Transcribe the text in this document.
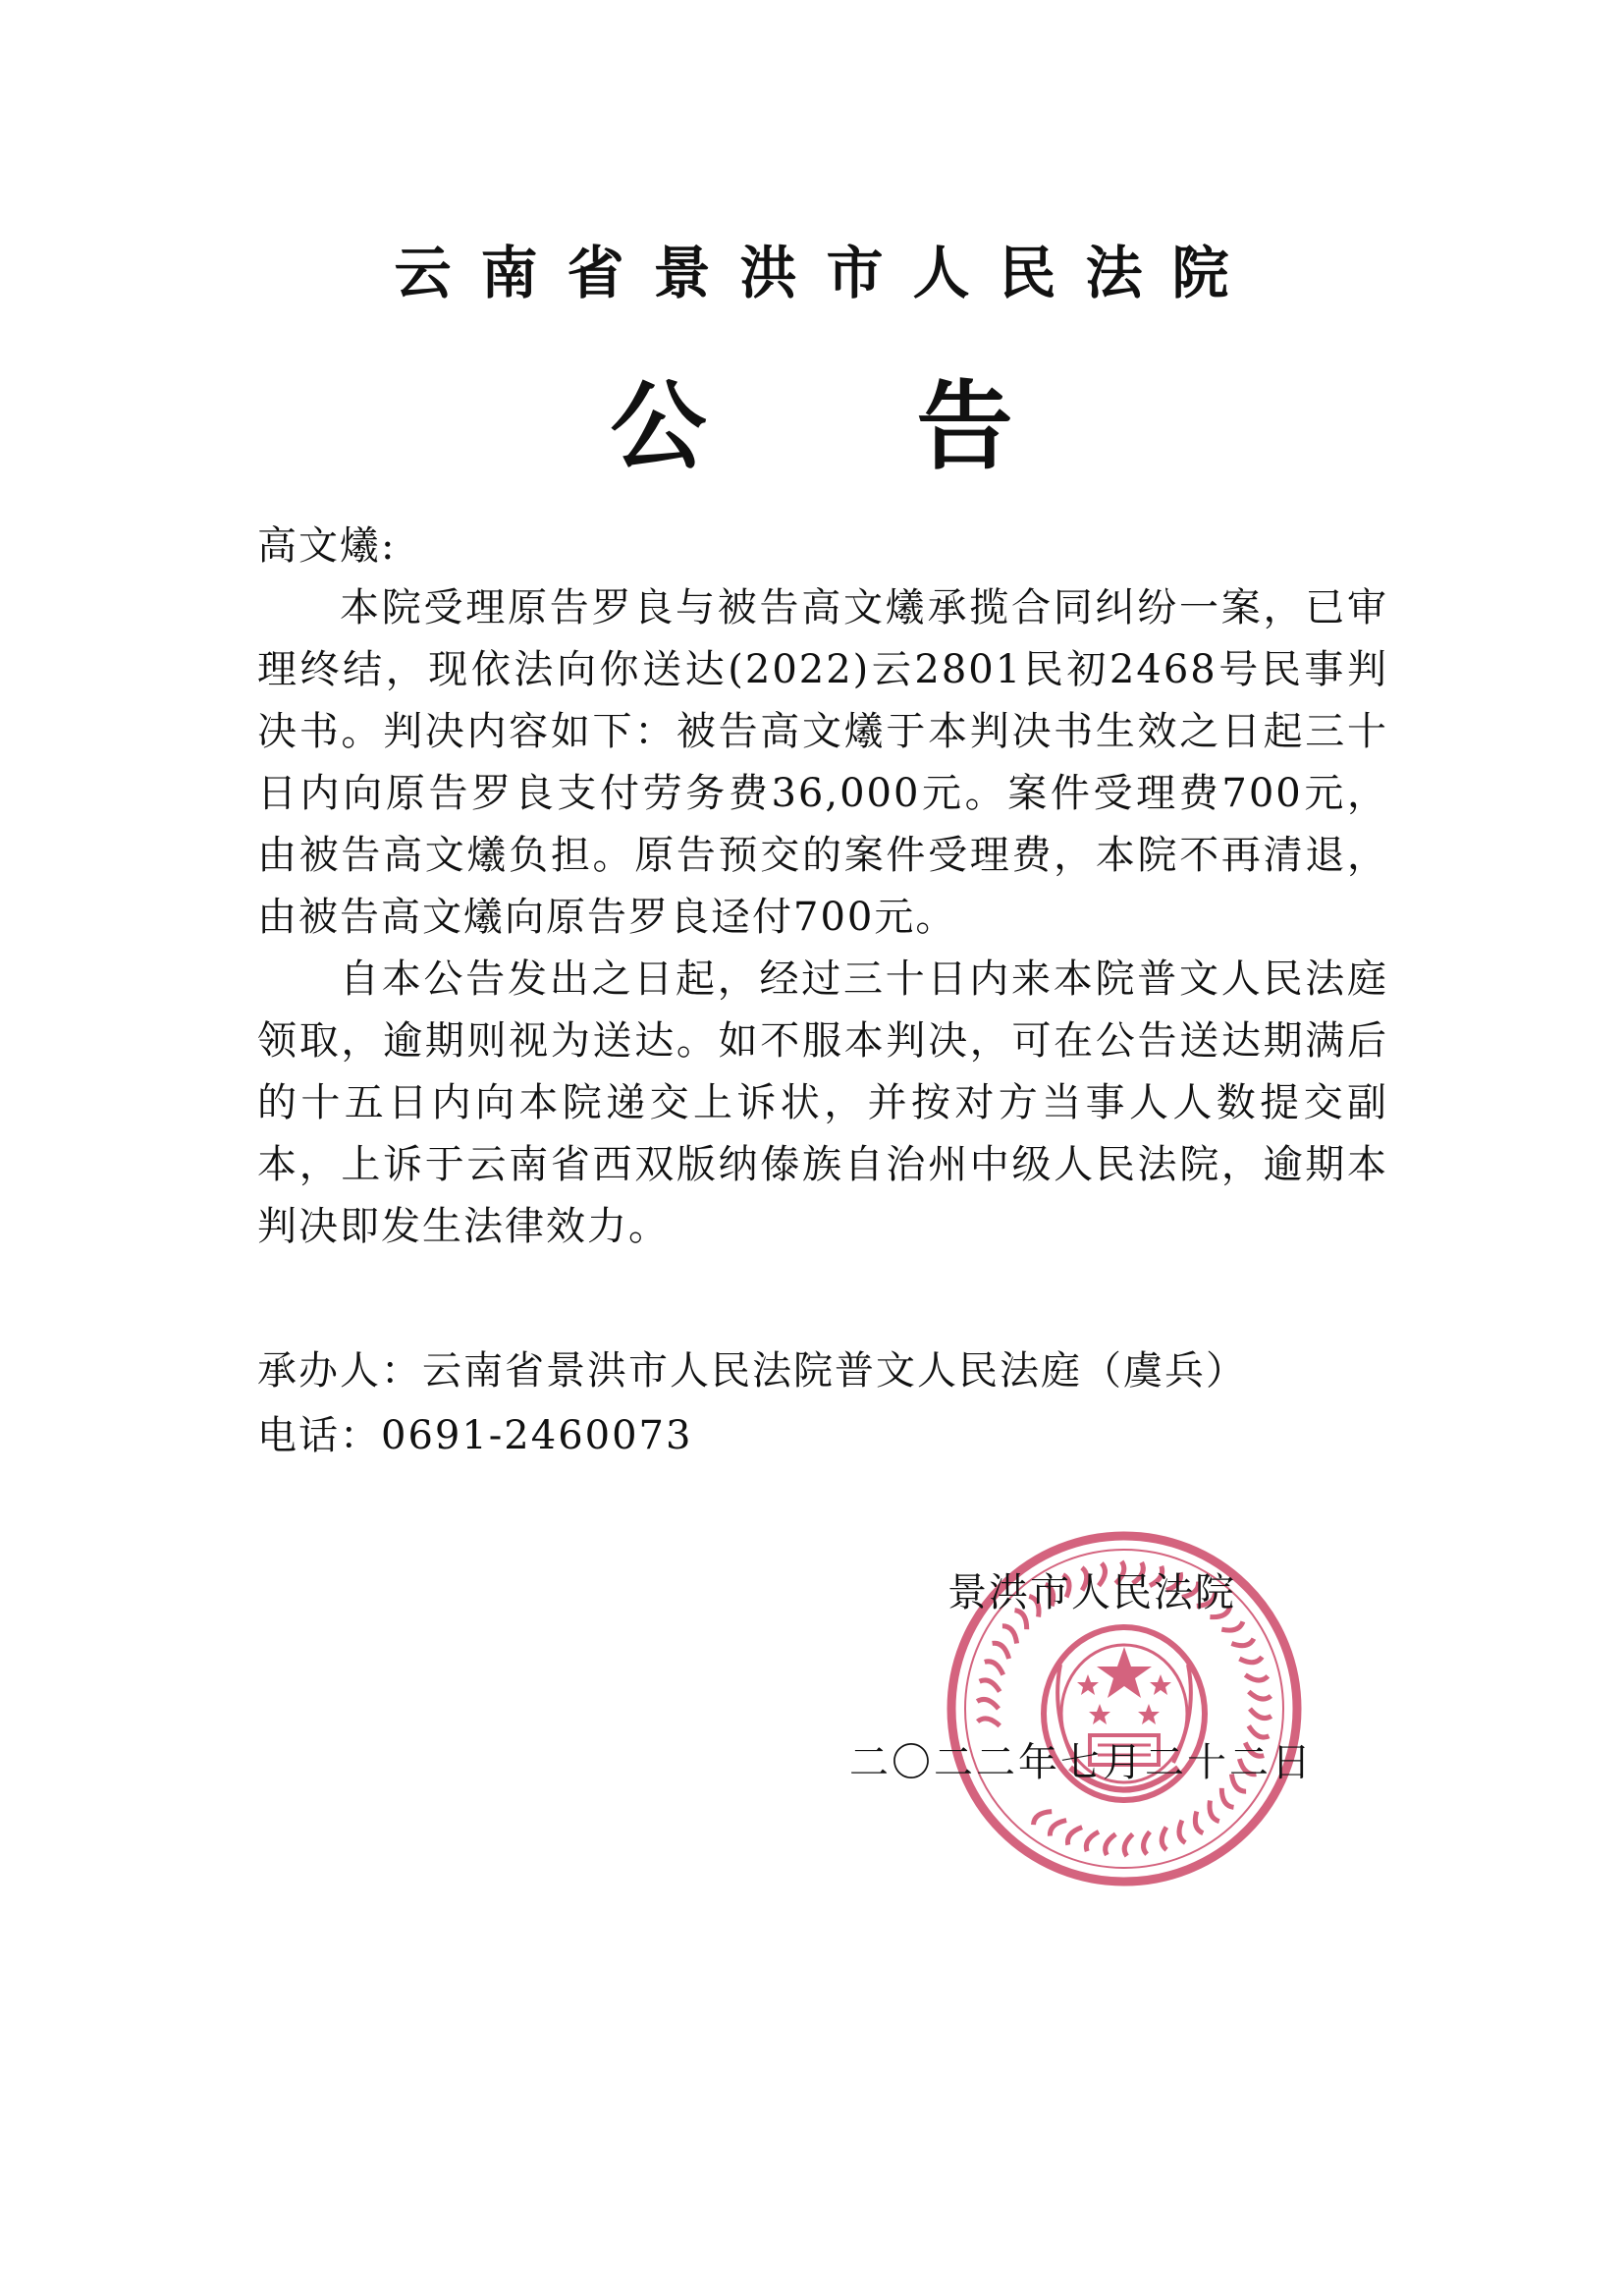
云南省景洪市人民法院
公 告

高文爔:

本院受理原告罗良与被告高文爔承揽合同纠纷一案，已审理终结，现依法向你送达(2022)云2801民初2468号民事判决书。判决内容如下：被告高文爔于本判决书生效之日起三十日内向原告罗良支付劳务费36,000元。案件受理费700元，由被告高文爔负担。原告预交的案件受理费，本院不再清退，由被告高文爔向原告罗良迳付700元。

自本公告发出之日起，经过三十日内来本院普文人民法庭领取，逾期则视为送达。如不服本判决，可在公告送达期满后的十五日内向本院递交上诉状，并按对方当事人人数提交副本，上诉于云南省西双版纳傣族自治州中级人民法院，逾期本判决即发生法律效力。

承办人：云南省景洪市人民法院普文人民法庭（虞兵）
电话：0691-2460073
景洪市人民法院
二〇二二年七月二十二日
